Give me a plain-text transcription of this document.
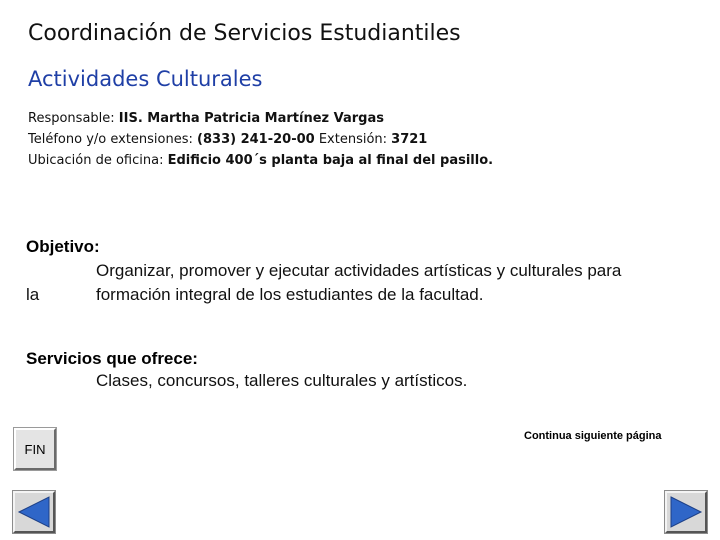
Coordinación de Servicios Estudiantiles
Actividades Culturales
Responsable: IIS. Martha Patricia Martínez Vargas
Teléfono y/o extensiones: (833) 241-20-00 Extensión: 3721
Ubicación de oficina: Edificio 400´s planta baja al final del pasillo.
Objetivo:
Organizar, promover y ejecutar actividades artísticas y culturales para
la	formación integral de los estudiantes de la facultad.
Servicios que ofrece:
Clases, concursos, talleres culturales y artísticos.
FIN
Continua siguiente página
